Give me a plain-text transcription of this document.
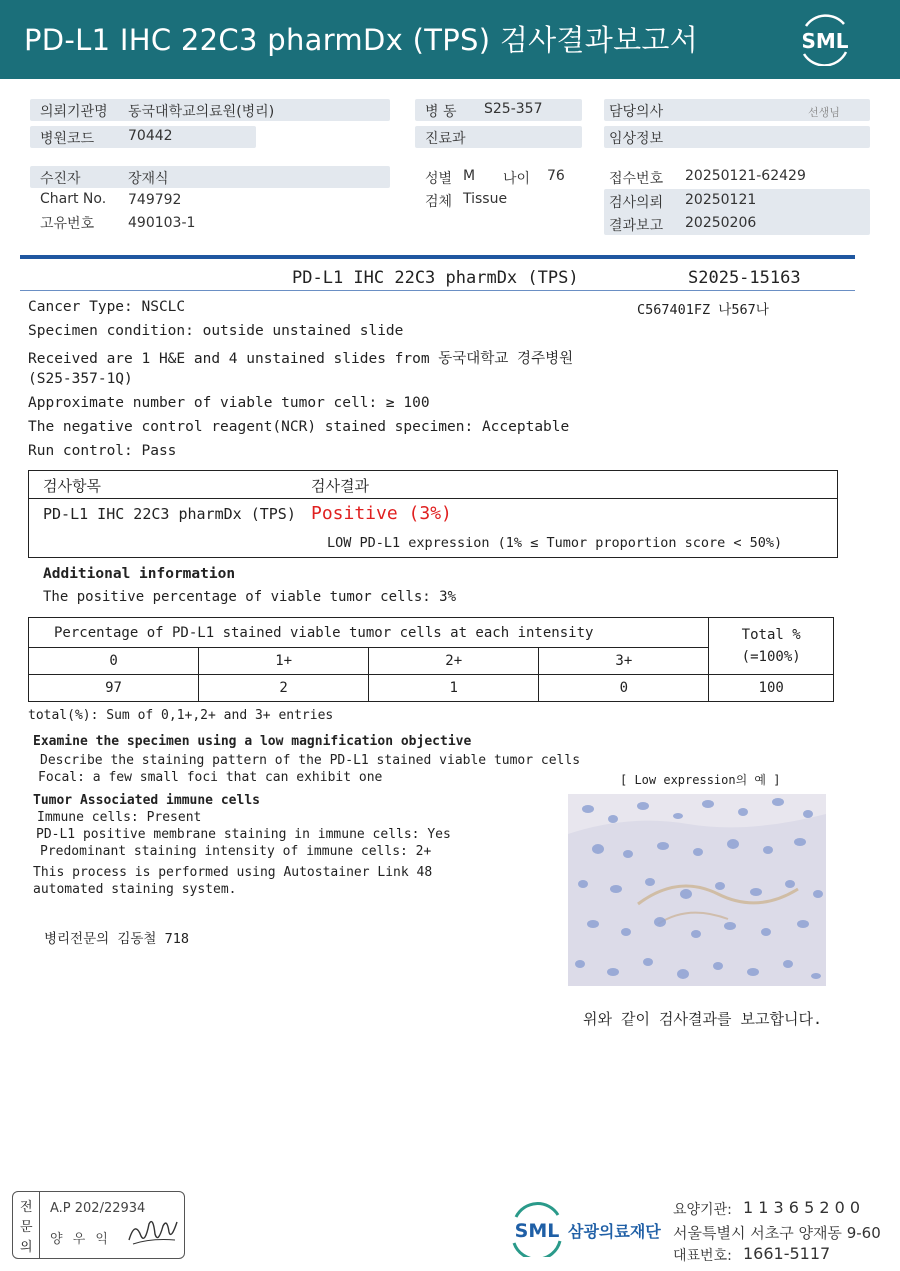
PD-L1 IHC 22C3 pharmDx (TPS) 검사결과보고서	SML
의뢰기관명 동국대학교의료원(병리)	병 동 S25-357	담당의사	선생님
병원코드 70442	진료과	임상정보
수진자	장재식	성별 M 나이 76	접수번호 20250121-62429
Chart No. 749792	검체 Tissue	검사의뢰 20250121
고유번호 490103-1	결과보고 20250206
PD-L1 IHC 22C3 pharmDx (TPS)	S2025-15163
C567401FZ 나567나
Cancer Type: NSCLC
Specimen condition: outside unstained slide
Received are 1 H&E and 4 unstained slides from 동국대학교 경주병원
(S25-357-1Q)
Approximate number of viable tumor cell: ≥ 100
The negative control reagent(NCR) stained specimen: Acceptable
Run control: Pass
검사항목	검사결과
PD-L1 IHC 22C3 pharmDx (TPS) Positive (3%)
LOW PD-L1 expression (1% ≤ Tumor proportion score < 50%)
Additional information
The positive percentage of viable tumor cells: 3%
Percentage of PD-L1 stained viable tumor cells at each intensity				Total %
(=100%)

0	1+	2+	3+	
97	2	1	0	100
total(%): Sum of 0,1+,2+ and 3+ entries
Examine the specimen using a low magnification objective
Describe the staining pattern of the PD-L1 stained viable tumor cells
Focal: a few small foci that can exhibit one	[ Low expression의 예 ]
Tumor Associated immune cells
Immune cells: Present
PD-L1 positive membrane staining in immune cells: Yes
Predominant staining intensity of immune cells: 2+
This process is performed using Autostainer Link 48
automated staining system.
병리전문의 김동철 718
위와 같이 검사결과를 보고합니다.
전
문
의
A.P 202/22934
양 우 익	SML 삼광의료재단
요양기관: 1 1 3 6 5 2 0 0
서울특별시 서초구 양재동 9-60
대표번호: 1661-5117
